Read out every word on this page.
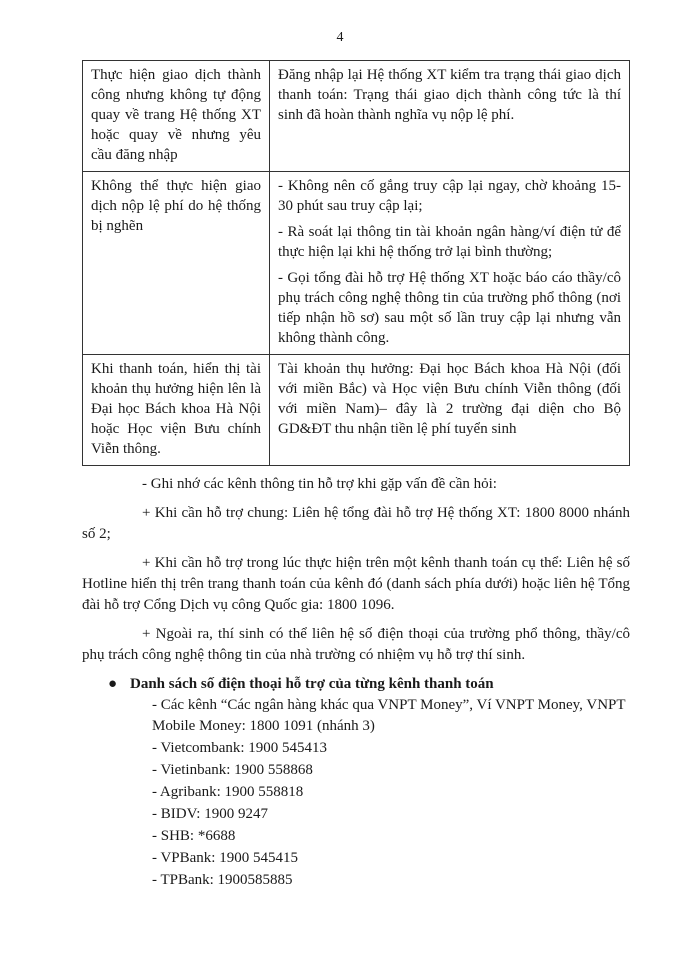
4
Thực hiện giao dịch thành công nhưng không tự động quay về trang Hệ thống XT hoặc quay về nhưng yêu cầu đăng nhập	Đăng nhập lại Hệ thống XT kiểm tra trạng thái giao dịch thanh toán: Trạng thái giao dịch thành công tức là thí sinh đã hoàn thành nghĩa vụ nộp lệ phí.

Không thể thực hiện giao dịch nộp lệ phí do hệ thống bị nghẽn	- Không nên cố gắng truy cập lại ngay, chờ khoảng 15-30 phút sau truy cập lại;

- Rà soát lại thông tin tài khoản ngân hàng/ví điện tử để thực hiện lại khi hệ thống trở lại bình thường;

- Gọi tổng đài hỗ trợ Hệ thống XT hoặc báo cáo thầy/cô phụ trách công nghệ thông tin của trường phổ thông (nơi tiếp nhận hồ sơ) sau một số lần truy cập lại nhưng vẫn không thành công.

Khi thanh toán, hiển thị tài khoản thụ hưởng hiện lên là Đại học Bách khoa Hà Nội hoặc Học viện Bưu chính Viễn thông.	Tài khoản thụ hưởng: Đại học Bách khoa Hà Nội (đối với miền Bắc) và Học viện Bưu chính Viễn thông (đối với miền Nam)– đây là 2 trường đại diện cho Bộ GD&ĐT thu nhận tiền lệ phí tuyển sinh

- Ghi nhớ các kênh thông tin hỗ trợ khi gặp vấn đề cần hỏi:

+ Khi cần hỗ trợ chung: Liên hệ tổng đài hỗ trợ Hệ thống XT: 1800 8000 nhánh số 2;

+ Khi cần hỗ trợ trong lúc thực hiện trên một kênh thanh toán cụ thể: Liên hệ số Hotline hiển thị trên trang thanh toán của kênh đó (danh sách phía dưới) hoặc liên hệ Tổng đài hỗ trợ Cổng Dịch vụ công Quốc gia: 1800 1096.

+ Ngoài ra, thí sinh có thể liên hệ số điện thoại của trường phổ thông, thầy/cô phụ trách công nghệ thông tin của nhà trường có nhiệm vụ hỗ trợ thí sinh.

● Danh sách số điện thoại hỗ trợ của từng kênh thanh toán
- Các kênh “Các ngân hàng khác qua VNPT Money”, Ví VNPT Money, VNPT Mobile Money: 1800 1091 (nhánh 3)
- Vietcombank: 1900 545413
- Vietinbank: 1900 558868
- Agribank: 1900 558818
- BIDV: 1900 9247
- SHB: *6688
- VPBank: 1900 545415
- TPBank: 1900585885
